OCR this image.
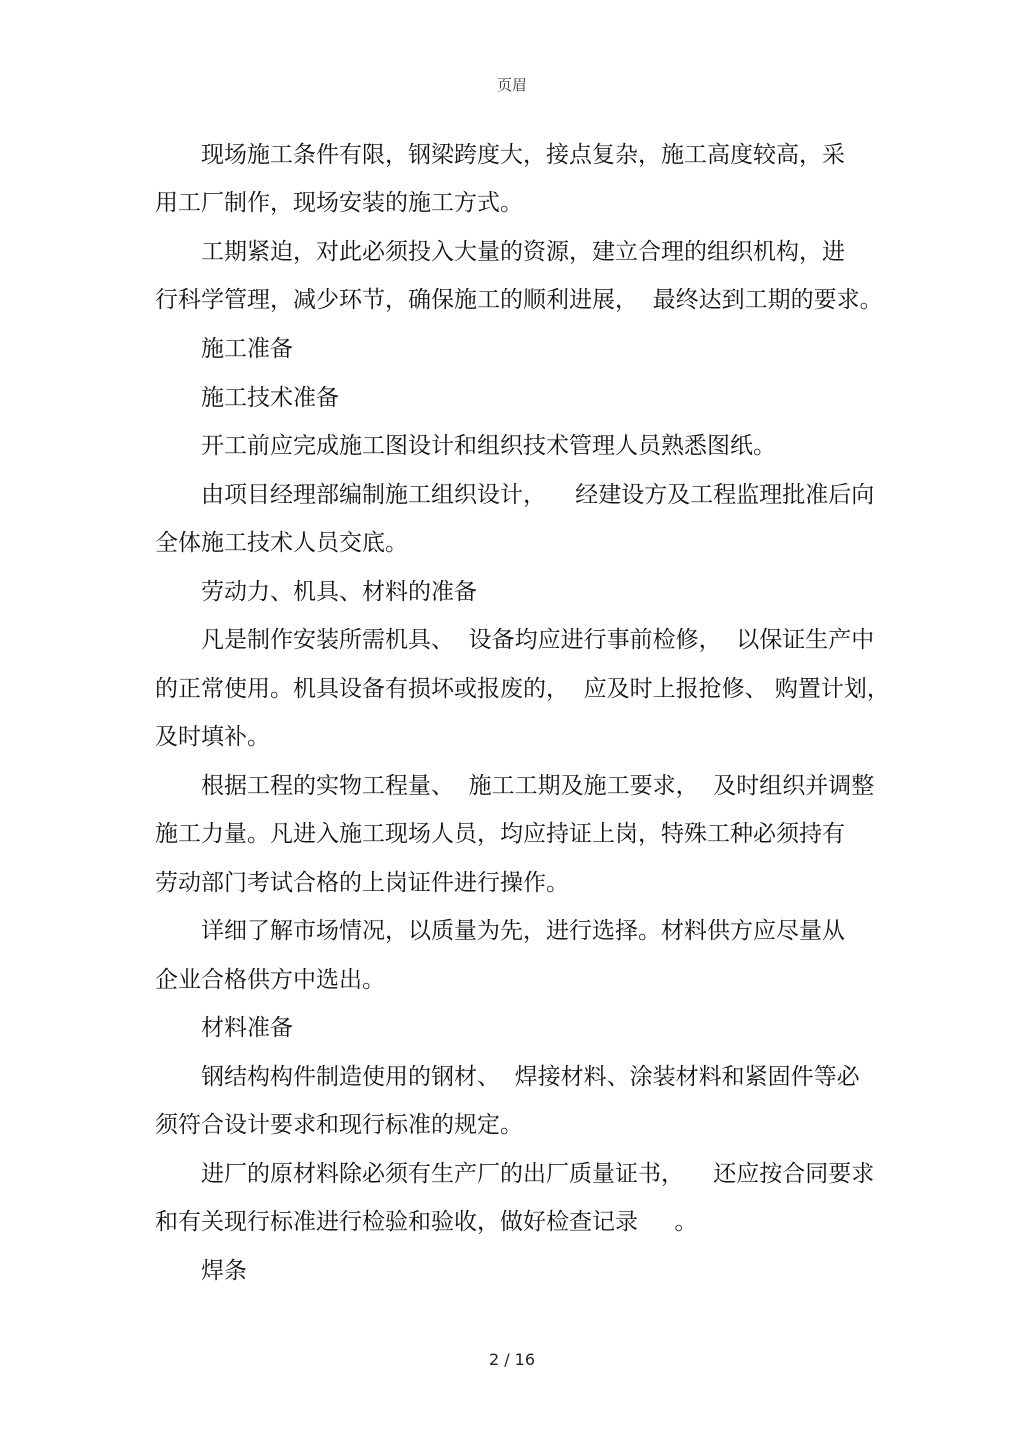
页眉
现场施工条件有限，钢梁跨度大，接点复杂，施工高度较高，采
用工厂制作，现场安装的施工方式。
工期紧迫，对此必须投入大量的资源，建立合理的组织机构，进
行科学管理，减少环节，确保施工的顺利进展，  最终达到工期的要求。
施工准备
施工技术准备
开工前应完成施工图设计和组织技术管理人员熟悉图纸。
由项目经理部编制施工组织设计，    经建设方及工程监理批准后向
全体施工技术人员交底。
劳动力、机具、材料的准备
凡是制作安装所需机具、  设备均应进行事前检修，  以保证生产中
的正常使用。机具设备有损坏或报废的，  应及时上报抢修、 购置计划，
及时填补。
根据工程的实物工程量、  施工工期及施工要求，  及时组织并调整
施工力量。凡进入施工现场人员，均应持证上岗，特殊工种必须持有
劳动部门考试合格的上岗证件进行操作。
详细了解市场情况，以质量为先，进行选择。材料供方应尽量从
企业合格供方中选出。
材料准备
钢结构构件制造使用的钢材、  焊接材料、涂装材料和紧固件等必
须符合设计要求和现行标准的规定。
进厂的原材料除必须有生产厂的出厂质量证书，    还应按合同要求
和有关现行标准进行检验和验收，做好检查记录     。
焊条
2 / 16
